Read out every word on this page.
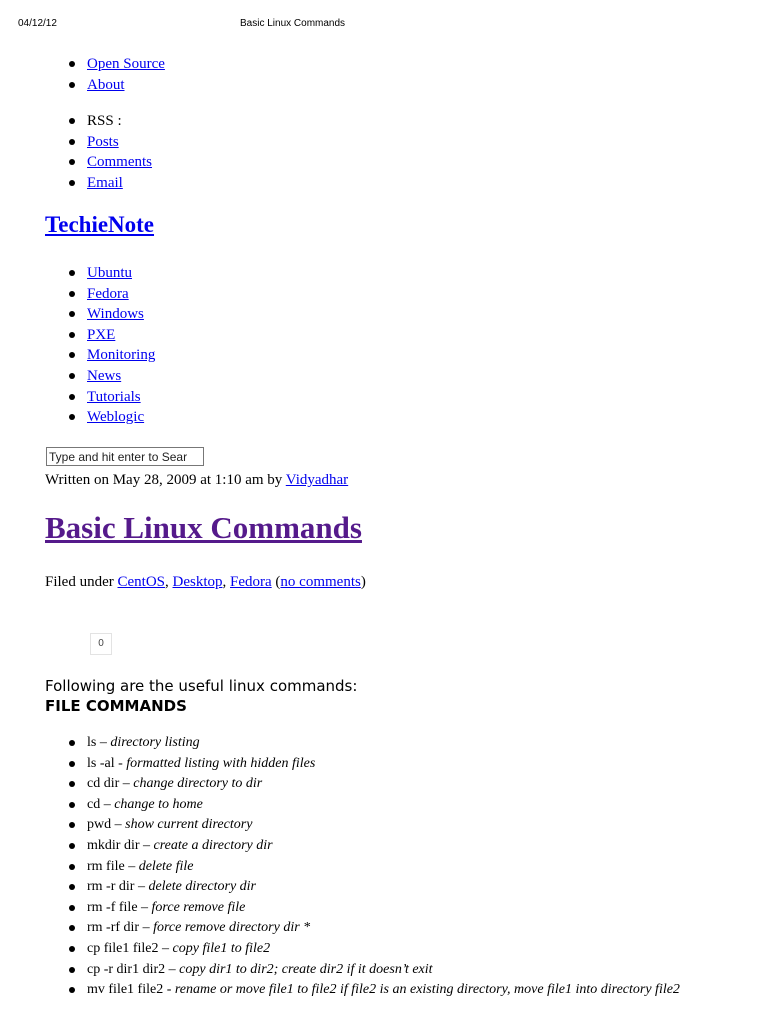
04/12/12	Basic Linux Commands
Open Source
About
RSS :
Posts
Comments
Email
TechieNote
Ubuntu
Fedora
Windows
PXE
Monitoring
News
Tutorials
Weblogic
Type and hit enter to Sear
Written on May 28, 2009 at 1:10 am by Vidyadhar
Basic Linux Commands
Filed under CentOS, Desktop, Fedora (no comments)
0
Following are the useful linux commands:
FILE COMMANDS
ls – directory listing
ls -al - formatted listing with hidden files
cd dir – change directory to dir
cd – change to home
pwd – show current directory
mkdir dir – create a directory dir
rm file – delete file
rm -r dir – delete directory dir
rm -f file – force remove file
rm -rf dir – force remove directory dir *
cp file1 file2 – copy file1 to file2
cp -r dir1 dir2 – copy dir1 to dir2; create dir2 if it doesn’t exit
mv file1 file2 - rename or move file1 to file2 if file2 is an existing directory, move file1 into directory file2
